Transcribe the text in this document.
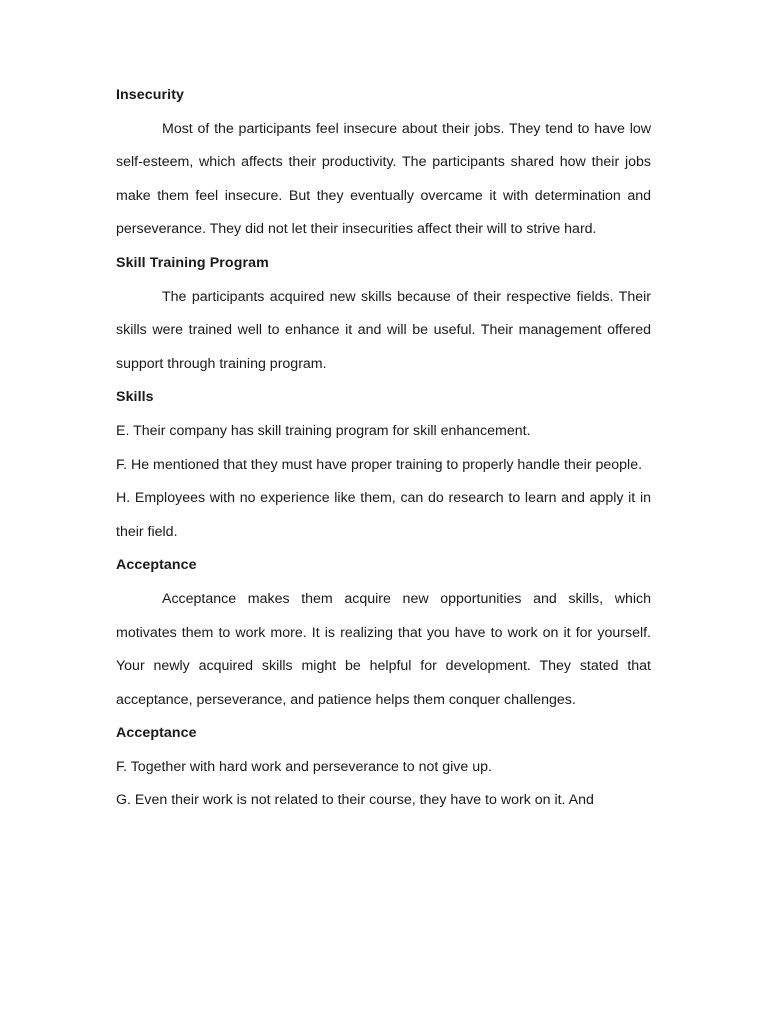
Insecurity

Most of the participants feel insecure about their jobs. They tend to have low self-esteem, which affects their productivity. The participants shared how their jobs make them feel insecure. But they eventually overcame it with determination and perseverance. They did not let their insecurities affect their will to strive hard.

Skill Training Program

The participants acquired new skills because of their respective fields. Their skills were trained well to enhance it and will be useful. Their management offered support through training program.

Skills

E. Their company has skill training program for skill enhancement.

F. He mentioned that they must have proper training to properly handle their people.

H. Employees with no experience like them, can do research to learn and apply it in their field.

Acceptance

Acceptance makes them acquire new opportunities and skills, which motivates them to work more. It is realizing that you have to work on it for yourself. Your newly acquired skills might be helpful for development. They stated that acceptance, perseverance, and patience helps them conquer challenges.

Acceptance

F. Together with hard work and perseverance to not give up.

G. Even their work is not related to their course, they have to work on it. And
